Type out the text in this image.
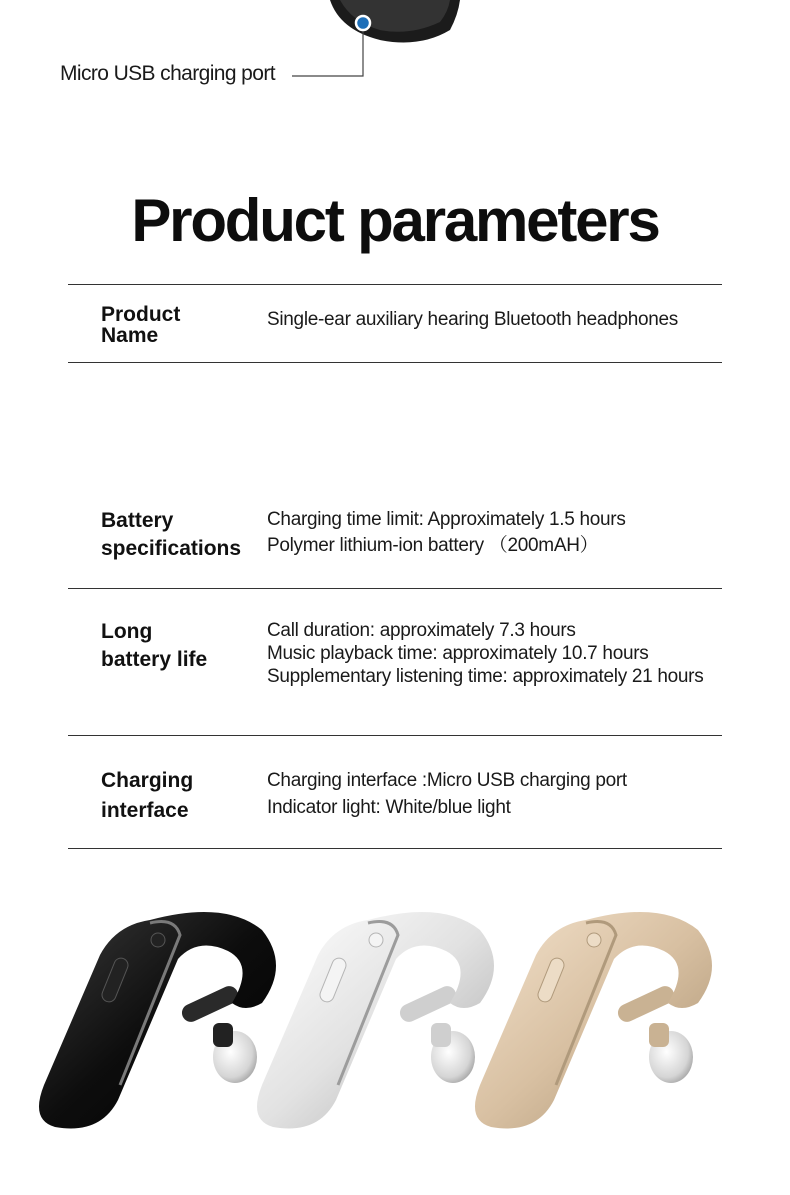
Micro USB charging port
Product parameters
Product
Name
Single-ear auxiliary hearing Bluetooth headphones
Battery
specifications
Charging time limit: Approximately 1.5 hours
Polymer lithium-ion battery （200mAH）
Long
battery life
Call duration: approximately 7.3 hours
Music playback time: approximately 10.7 hours
Supplementary listening time: approximately 21 hours
Charging
interface
Charging interface :Micro USB charging port
Indicator light: White/blue light
